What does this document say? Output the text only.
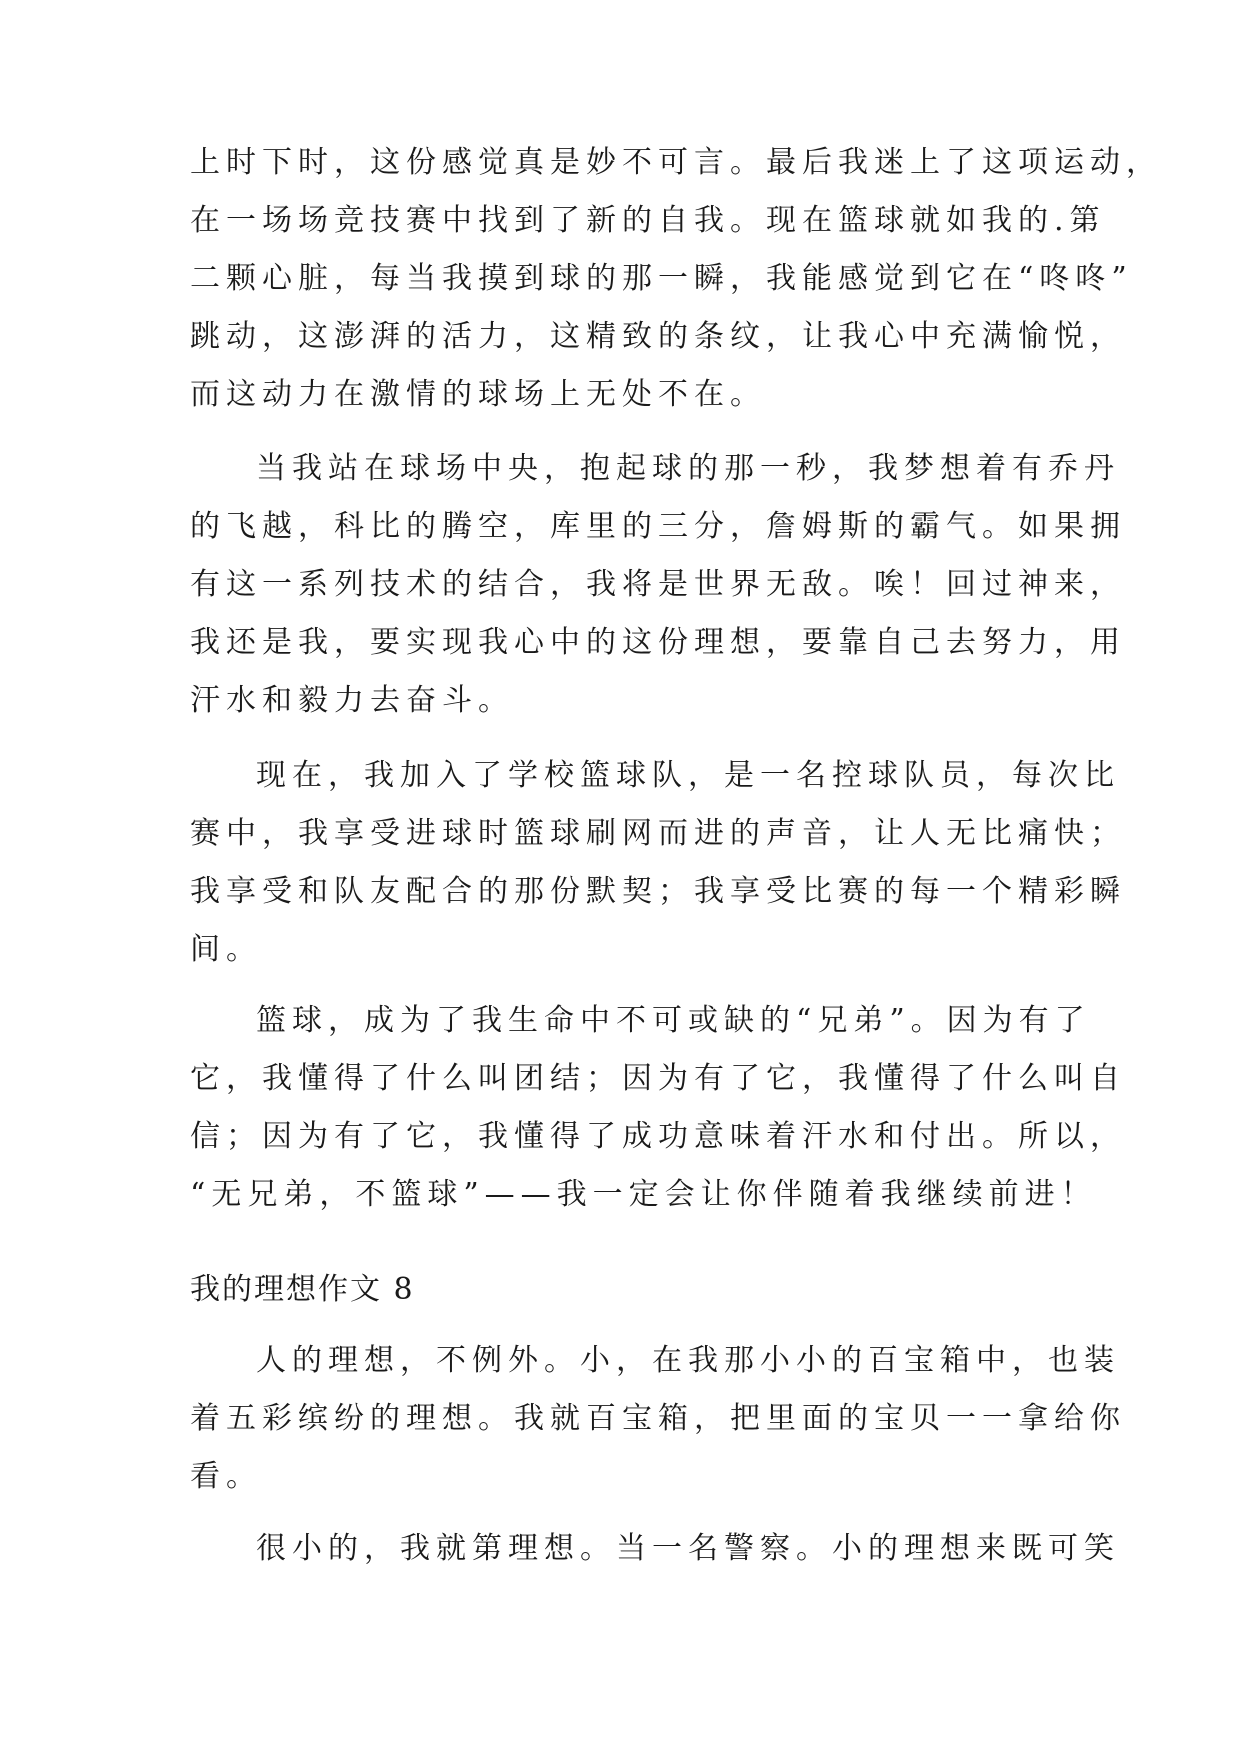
上时下时，这份感觉真是妙不可言。最后我迷上了这项运动，
在一场场竞技赛中找到了新的自我。现在篮球就如我的.第
二颗心脏，每当我摸到球的那一瞬，我能感觉到它在“咚咚”
跳动，这澎湃的活力，这精致的条纹，让我心中充满愉悦，
而这动力在激情的球场上无处不在。
当我站在球场中央，抱起球的那一秒，我梦想着有乔丹
的飞越，科比的腾空，库里的三分，詹姆斯的霸气。如果拥
有这一系列技术的结合，我将是世界无敌。唉！回过神来，
我还是我，要实现我心中的这份理想，要靠自己去努力，用
汗水和毅力去奋斗。
现在，我加入了学校篮球队，是一名控球队员，每次比
赛中，我享受进球时篮球刷网而进的声音，让人无比痛快；
我享受和队友配合的那份默契；我享受比赛的每一个精彩瞬
间。
篮球，成为了我生命中不可或缺的“兄弟”。因为有了
它，我懂得了什么叫团结；因为有了它，我懂得了什么叫自
信；因为有了它，我懂得了成功意味着汗水和付出。所以，
“无兄弟，不篮球”——我一定会让你伴随着我继续前进！
我的理想作文 8
人的理想，不例外。小，在我那小小的百宝箱中，也装
着五彩缤纷的理想。我就百宝箱，把里面的宝贝一一拿给你
看。
很小的，我就第理想。当一名警察。小的理想来既可笑
